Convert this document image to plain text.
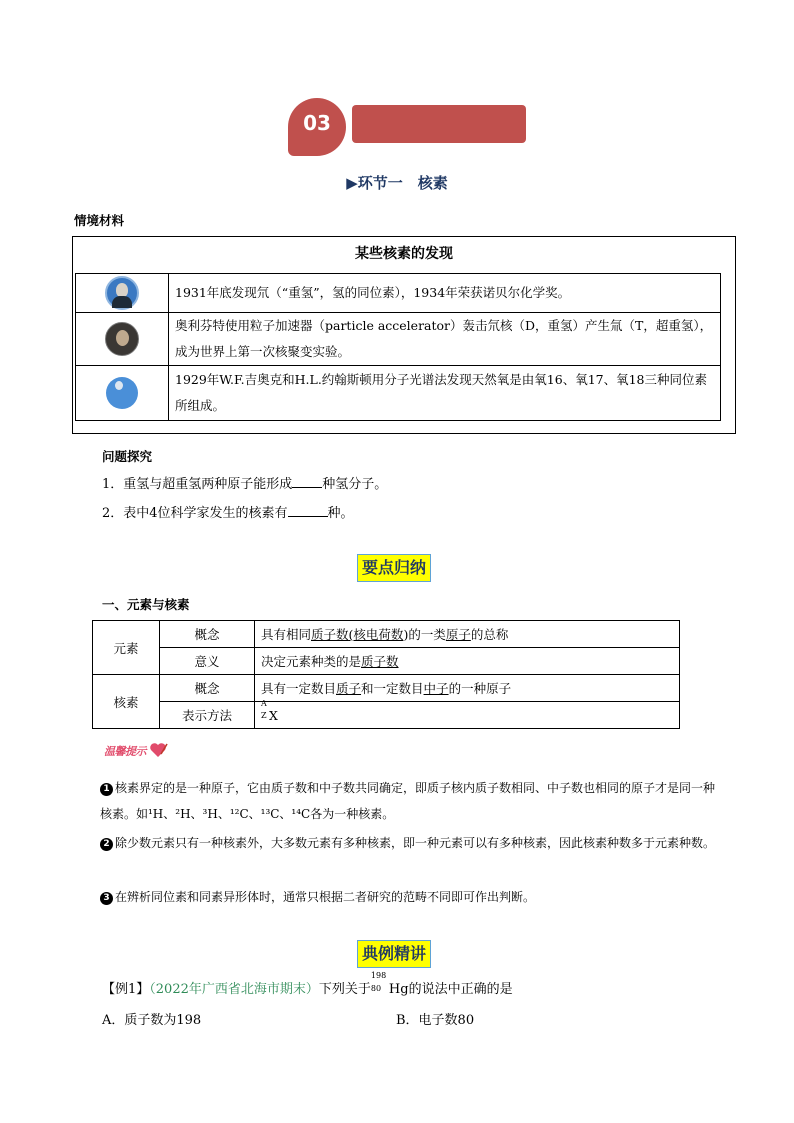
03
▶环节一　核素
情境材料
某些核素的发现
	1931年底发现氘（“重氢”，氢的同位素），1934年荣获诺贝尔化学奖。

	奥利芬特使用粒子加速器（particle accelerator）轰击氘核（D，重氢）产生氚（T，超重氢），成为世界上第一次核聚变实验。

	1929年W.F.吉奥克和H.L.约翰斯顿用分子光谱法发现天然氧是由氧16、氧17、氧18三种同位素所组成。
问题探究
1．重氢与超重氢两种原子能形成 种氢分子。
2．表中4位科学家发生的核素有	种。
要点归纳
一、元素与核素
元素	概念	具有相同质子数(核电荷数)的一类原子的总称
	意义	决定元素种类的是质子数
核素	概念	具有一定数目质子和一定数目中子的一种原子
	表示方法	A
Z X
温馨提示
1 核素界定的是一种原子，它由质子数和中子数共同确定，即质子核内质子数相同、中子数也相同的原子才是同一种核素。如¹H、²H、³H、¹²C、¹³C、¹⁴C各为一种核素。
2 除少数元素只有一种核素外，大多数元素有多种核素，即一种元素可以有多种核素，因此核素种数多于元素种数。
3 在辨析同位素和同素异形体时，通常只根据二者研究的范畴不同即可作出判断。
典例精讲
【例1】（2022年广西省北海市期末）下列关于
198
80 Hg的说法中正确的是
A．质子数为198	B．电子数80
